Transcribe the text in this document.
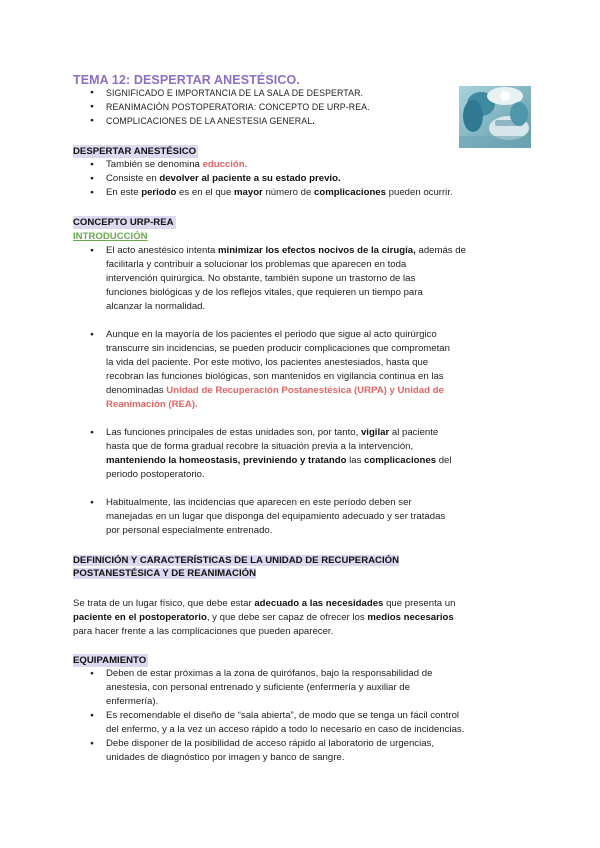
TEMA 12: DESPERTAR ANESTÉSICO.
● SIGNIFICADO E IMPORTANCIA DE LA SALA DE DESPERTAR.
● REANIMACIÓN POSTOPERATORIA: CONCEPTO DE URP-REA.
● COMPLICACIONES DE LA ANESTESIA GENERAL.
DESPERTAR ANESTÉSICO
● También se denomina educción.
● Consiste en devolver al paciente a su estado previo.
● En este periodo es en el que mayor número de complicaciones pueden ocurrir.
CONCEPTO URP-REA
INTRODUCCIÓN
● El acto anestésico intenta minimizar los efectos nocivos de la cirugía, además de
facilitarla y contribuir a solucionar los problemas que aparecen en toda
intervención quirúrgica. No obstante, también supone un trastorno de las
funciones biológicas y de los reflejos vitales, que requieren un tiempo para
alcanzar la normalidad.
● Aunque en la mayoría de los pacientes el periodo que sigue al acto quirúrgico
transcurre sin incidencias, se pueden producir complicaciones que comprometan
la vida del paciente. Por este motivo, los pacientes anestesiados, hasta que
recobran las funciones biológicas, son mantenidos en vigilancia continua en las
denominadas Unidad de Recuperación Postanestésica (URPA) y Unidad de
Reanimación (REA).
● Las funciones principales de estas unidades son, por tanto, vigilar al paciente
hasta que de forma gradual recobre la situación previa a la intervención,
manteniendo la homeostasis, previniendo y tratando las complicaciones del
periodo postoperatorio.
● Habitualmente, las incidencias que aparecen en este período deben ser
manejadas en un lugar que disponga del equipamiento adecuado y ser tratadas
por personal especialmente entrenado.
DEFINICIÓN Y CARACTERÍSTICAS DE LA UNIDAD DE RECUPERACIÓN
POSTANESTÉSICA Y DE REANIMACIÓN
Se trata de un lugar físico, que debe estar adecuado a las necesidades que presenta un
paciente en el postoperatorio, y que debe ser capaz de ofrecer los medios necesarios
para hacer frente a las complicaciones que pueden aparecer.
EQUIPAMIENTO
● Deben de estar próximas a la zona de quirófanos, bajo la responsabilidad de
anestesia, con personal entrenado y suficiente (enfermería y auxiliar de
enfermería).
● Es recomendable el diseño de “sala abierta”, de modo que se tenga un fácil control
del enfermo, y a la vez un acceso rápido a todo lo necesario en caso de incidencias.
● Debe disponer de la posibilidad de acceso rápido al laboratorio de urgencias,
unidades de diagnóstico por imagen y banco de sangre.
